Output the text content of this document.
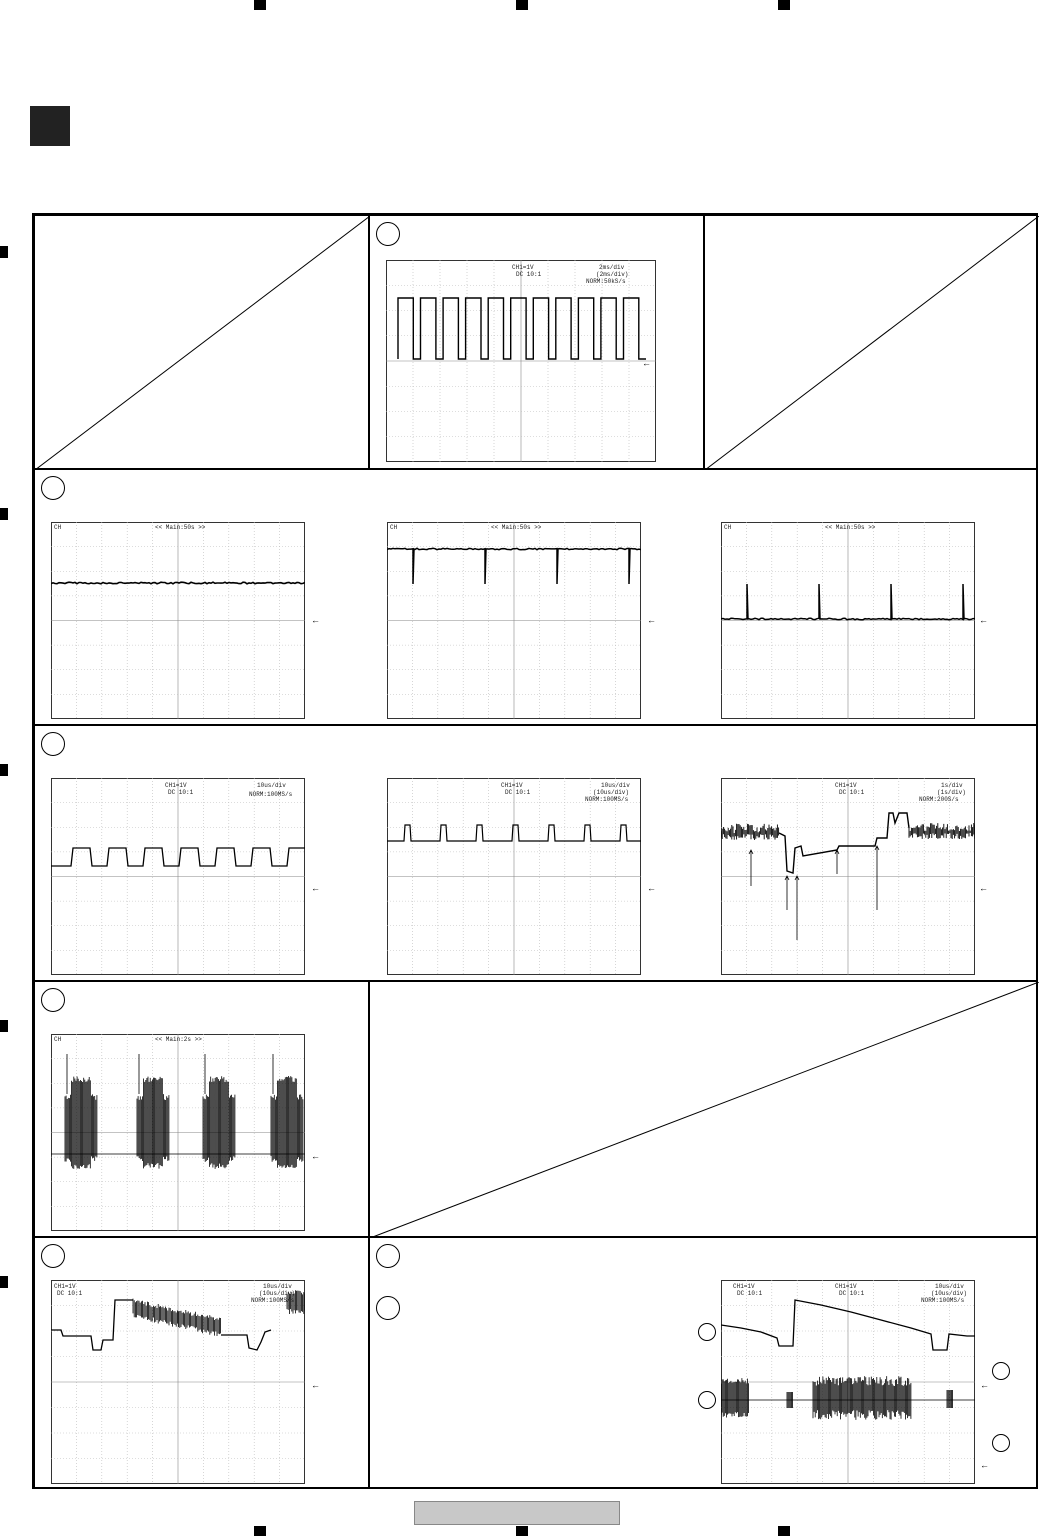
CH1=1V
DC 10:1
2ms/div
(2ms/div)
NORM:50kS/s
←
CH	<< Main:50s >>
←
CH	<< Main:50s >>
←
CH	<< Main:50s >>
←
CH1=1V
DC 10:1
10us/div
NORM:100MS/s
←
CH1=1V
DC 10:1
10us/div
(10us/div)
NORM:100MS/s
←
CH1=1V
DC 10:1
1s/div
(1s/div)
NORM:200S/s
←
CH	<< Main:2s >>
←
CH1=1V
DC 10:1
10us/div
(10us/div)
NORM:100MS/s
←
CH1=1V
DC 10:1
CH1=1V
DC 10:1
10us/div
(10us/div)
NORM:100MS/s
←
←
